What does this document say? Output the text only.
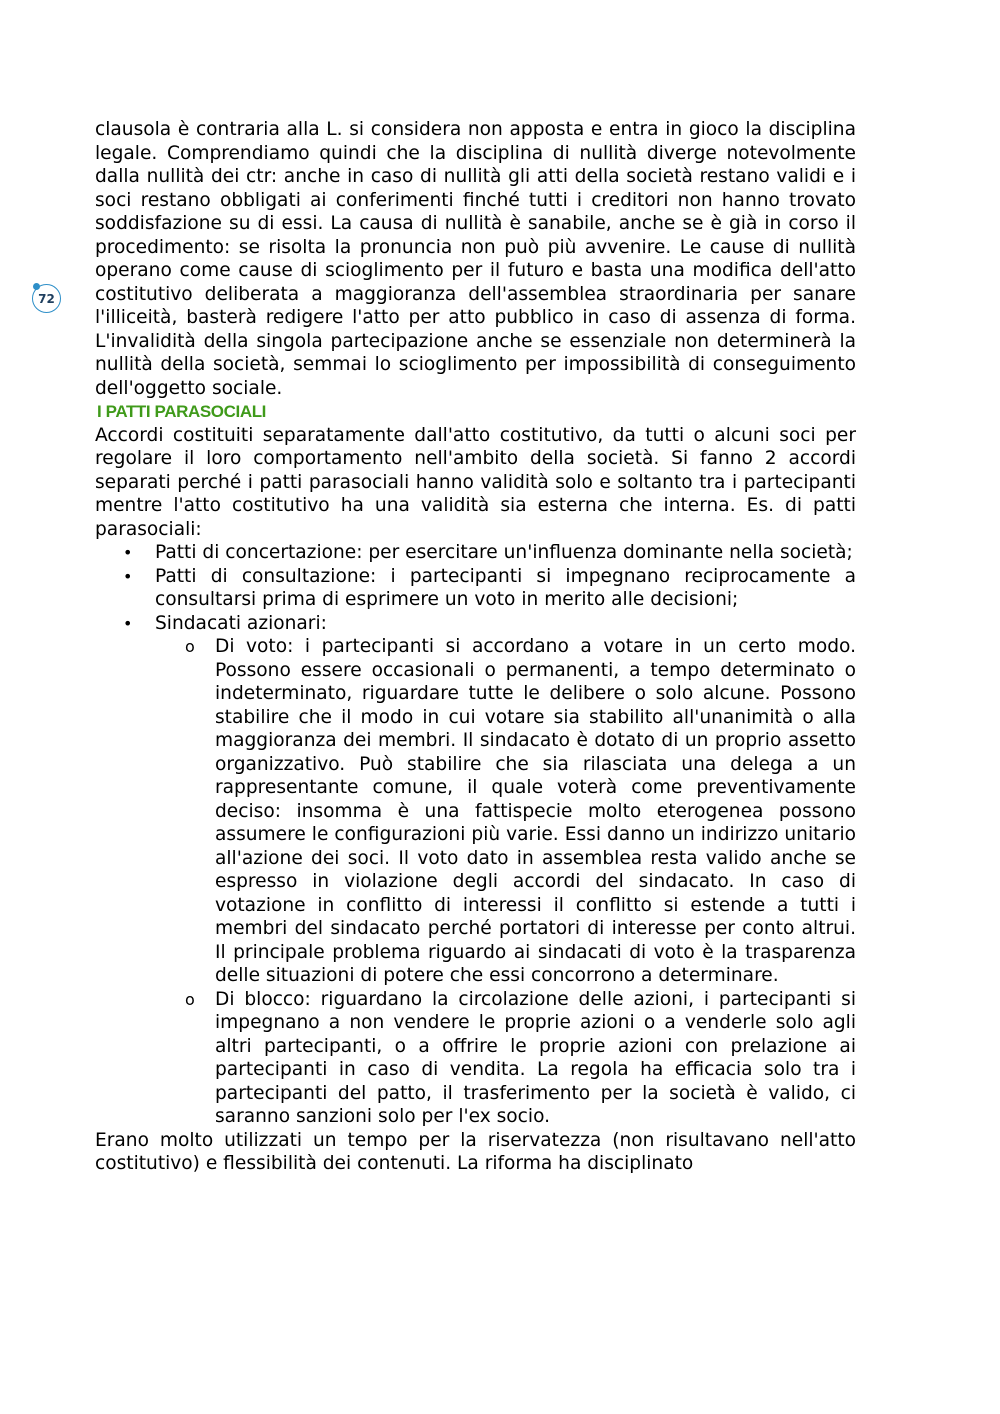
72

clausola è contraria alla L. si considera non apposta e entra in gioco la disciplina legale. Comprendiamo quindi che la disciplina di nullità diverge notevolmente dalla nullità dei ctr: anche in caso di nullità gli atti della società restano validi e i soci restano obbligati ai conferimenti finché tutti i creditori non hanno trovato soddisfazione su di essi. La causa di nullità è sanabile, anche se è già in corso il procedimento: se risolta la pronuncia non può più avvenire. Le cause di nullità operano come cause di scioglimento per il futuro e basta una modifica dell'atto costitutivo deliberata a maggioranza dell'assemblea straordinaria per sanare l'illiceità, basterà redigere l'atto per atto pubblico in caso di assenza di forma. L'invalidità della singola partecipazione anche se essenziale non determinerà la nullità della società, semmai lo scioglimento per impossibilità di conseguimento dell'oggetto sociale.

I PATTI PARASOCIALI

Accordi costituiti separatamente dall'atto costitutivo, da tutti o alcuni soci per regolare il loro comportamento nell'ambito della società. Si fanno 2 accordi separati perché i patti parasociali hanno validità solo e soltanto tra i partecipanti mentre l'atto costitutivo ha una validità sia esterna che interna. Es. di patti parasociali:

• Patti di concertazione: per esercitare un'influenza dominante nella società;
• Patti di consultazione: i partecipanti si impegnano reciprocamente a consultarsi prima di esprimere un voto in merito alle decisioni;
• Sindacati azionari:
o Di voto: i partecipanti si accordano a votare in un certo modo. Possono essere occasionali o permanenti, a tempo determinato o indeterminato, riguardare tutte le delibere o solo alcune. Possono stabilire che il modo in cui votare sia stabilito all'unanimità o alla maggioranza dei membri. Il sindacato è dotato di un proprio assetto organizzativo. Può stabilire che sia rilasciata una delega a un rappresentante comune, il quale voterà come preventivamente deciso: insomma è una fattispecie molto eterogenea possono assumere le configurazioni più varie. Essi danno un indirizzo unitario all'azione dei soci. Il voto dato in assemblea resta valido anche se espresso in violazione degli accordi del sindacato. In caso di votazione in conflitto di interessi il conflitto si estende a tutti i membri del sindacato perché portatori di interesse per conto altrui. Il principale problema riguardo ai sindacati di voto è la trasparenza delle situazioni di potere che essi concorrono a determinare.
o Di blocco: riguardano la circolazione delle azioni, i partecipanti si impegnano a non vendere le proprie azioni o a venderle solo agli altri partecipanti, o a offrire le proprie azioni con prelazione ai partecipanti in caso di vendita. La regola ha efficacia solo tra i partecipanti del patto, il trasferimento per la società è valido, ci saranno sanzioni solo per l'ex socio.

Erano molto utilizzati un tempo per la riservatezza (non risultavano nell'atto costitutivo) e flessibilità dei contenuti. La riforma ha disciplinato
